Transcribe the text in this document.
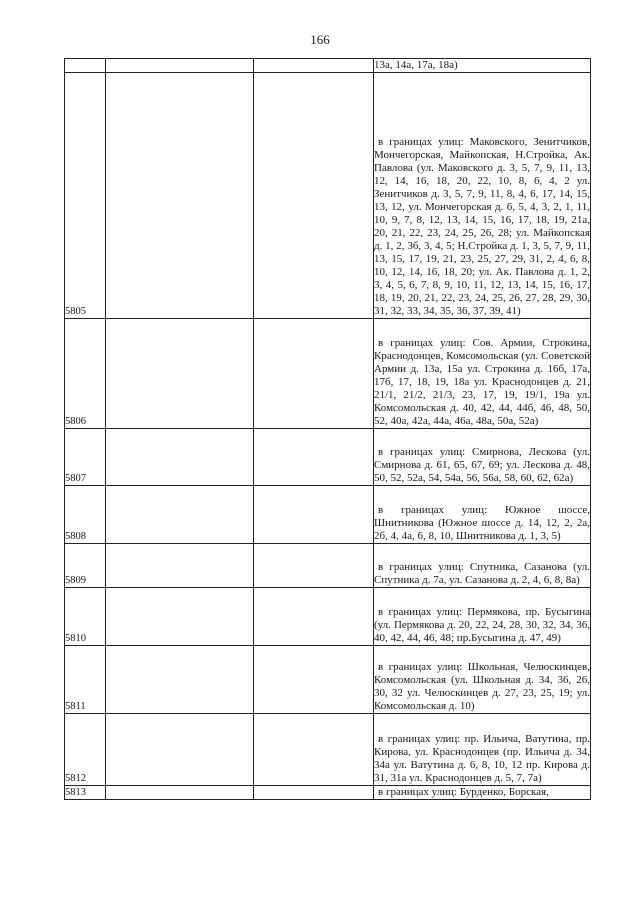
166
			13а, 14а, 17а, 18а)
5805			в границах улиц: Маковского, Зенитчиков, Мончегорская, Майкопская, Н.Стройка, Ак. Павлова (ул. Маковского д. 3, 5, 7, 9, 11, 13, 12, 14, 16, 18, 20, 22, 10, 8, 6, 4, 2 ул. Зенитчиков д. 3, 5, 7, 9, 11, 8, 4, 6, 17, 14, 15, 13, 12, ул. Мончегорская д. 6, 5, 4, 3, 2, 1, 11, 10, 9, 7, 8, 12, 13, 14, 15, 16, 17, 18, 19, 21а, 20, 21, 22, 23, 24, 25, 26, 28; ул. Майкопская д. 1, 2, 3б, 3, 4, 5; Н.Стройка д. 1, 3, 5, 7, 9, 11, 13, 15, 17, 19, 21, 23, 25, 27, 29, 31, 2, 4, 6, 8, 10, 12, 14, 16, 18, 20; ул. Ак. Павлова д. 1, 2, 3, 4, 5, 6, 7, 8, 9, 10, 11, 12, 13, 14, 15, 16, 17, 18, 19, 20, 21, 22, 23, 24, 25, 26, 27, 28, 29, 30, 31, 32, 33, 34, 35, 36, 37, 39, 41)
5806			в границах улиц: Сов. Армии, Строкина, Краснодонцев, Комсомольская (ул. Советской Армии д. 13а, 15а ул. Строкина д. 16б, 17а, 17б, 17, 18, 19, 18а ул. Краснодонцев д. 21, 21/1, 21/2, 21/3, 23, 17, 19, 19/1, 19а ул. Комсомольская д. 40, 42, 44, 44б, 46, 48, 50, 52, 40а, 42а, 44а, 46а, 48а, 50а, 52а)
5807			в границах улиц: Смирнова, Лескова (ул. Смирнова д. 61, 65, 67, 69; ул. Лескова д. 48, 50, 52, 52а, 54, 54а, 56, 56а, 58, 60, 62, 62а)
5808			в границах улиц: Южное шоссе, Шнитникова (Южное шоссе д. 14, 12, 2, 2а, 2б, 4, 4а, 6, 8, 10, Шнитникова д. 1, 3, 5)
5809			в границах улиц: Спутника, Сазанова (ул. Спутника д. 7а, ул. Сазанова д. 2, 4, 6, 8, 8а)
5810			в границах улиц: Пермякова, пр. Бусыгина (ул. Пермякова д. 20, 22, 24, 28, 30, 32, 34, 36, 40, 42, 44, 46, 48; пр.Бусыгина д. 47, 49)
5811			в границах улиц: Школьная, Челюскинцев, Комсомольская (ул. Школьная д. 34, 36, 26, 30, 32 ул. Челюскинцев д. 27, 23, 25, 19; ул. Комсомольская д. 10)
5812			в границах улиц: пр. Ильича, Ватутина, пр. Кирова, ул. Краснодонцев (пр. Ильича д. 34, 34а ул. Ватутина д. 6, 8, 10, 12 пр. Кирова д. 31, 31а ул. Краснодонцев д. 5, 7, 7а)
5813			в границах улиц: Бурденко, Борская,
